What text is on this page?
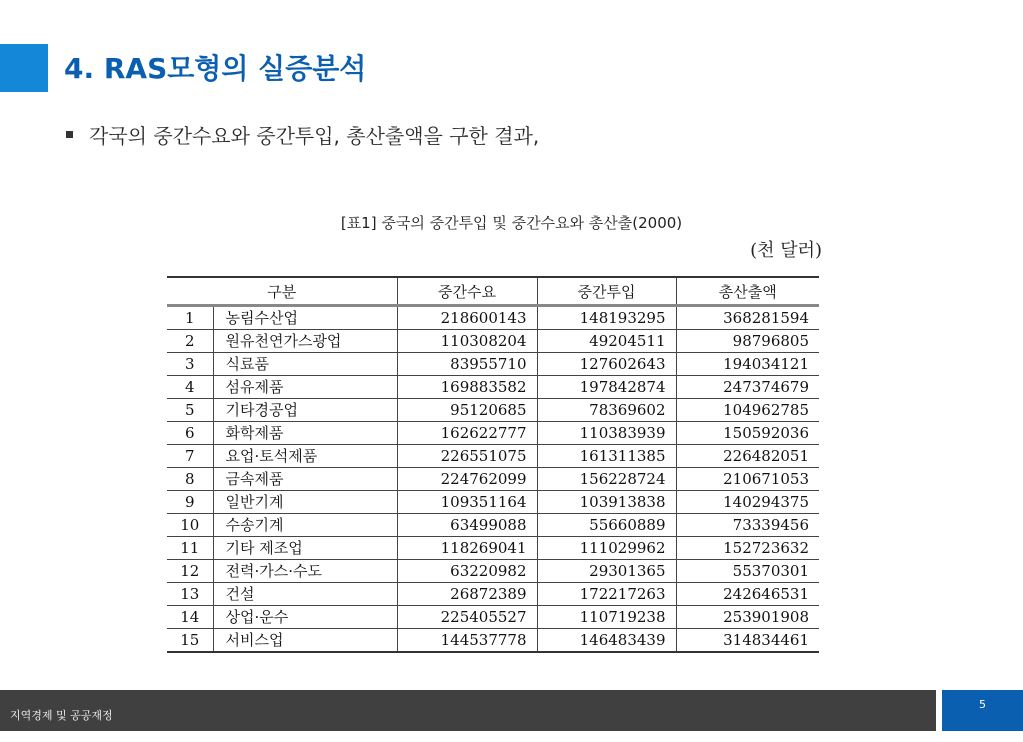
4. RAS모형의 실증분석
각국의 중간수요와 중간투입, 총산출액을 구한 결과,
[표1] 중국의 중간투입 및 중간수요와 총산출(2000)
(천 달러)
구분		중간수요	중간투입	총산출액
1	농림수산업	218600143	148193295	368281594
2	원유천연가스광업	110308204	49204511	98796805
3	식료품	83955710	127602643	194034121
4	섬유제품	169883582	197842874	247374679
5	기타경공업	95120685	78369602	104962785
6	화학제품	162622777	110383939	150592036
7	요업·토석제품	226551075	161311385	226482051
8	금속제품	224762099	156228724	210671053
9	일반기계	109351164	103913838	140294375
10	수송기계	63499088	55660889	73339456
11	기타 제조업	118269041	111029962	152723632
12	전력·가스·수도	63220982	29301365	55370301
13	건설	26872389	172217263	242646531
14	상업·운수	225405527	110719238	253901908
15	서비스업	144537778	146483439	314834461
지역경제 및 공공재정
5
